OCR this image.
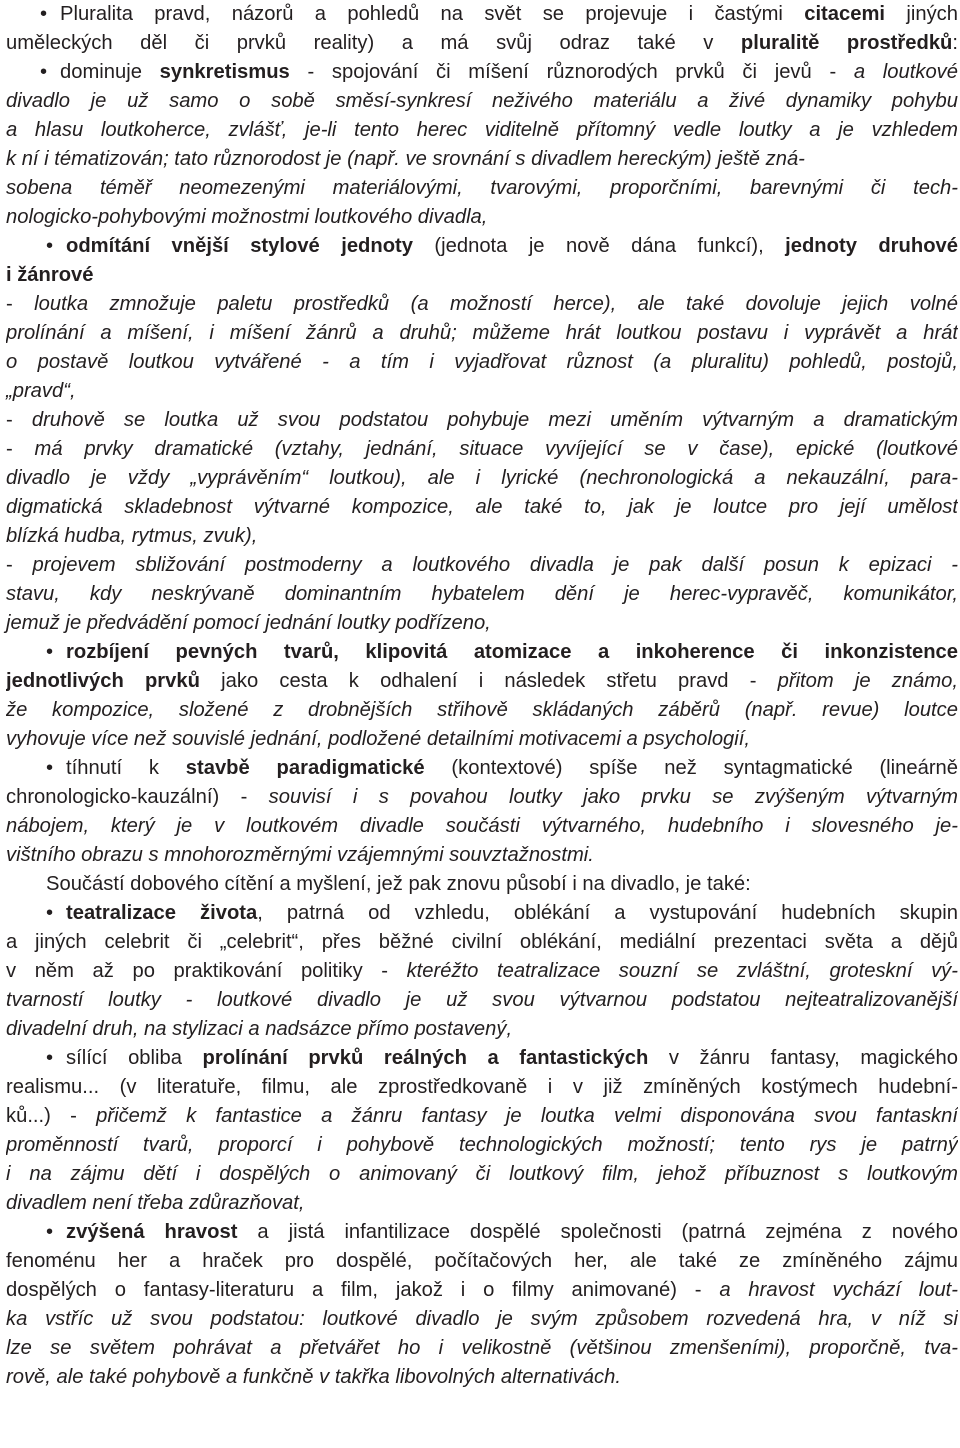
• Pluralita pravd, názorů a pohledů na svět se projevuje i častými citacemi jiných
uměleckých děl či prvků reality) a má svůj odraz také v pluralitě prostředků:
• dominuje synkretismus - spojování či míšení různorodých prvků či jevů - a loutkové
divadlo je už samo o sobě směsí-synkresí neživého materiálu a živé dynamiky pohybu
a hlasu loutkoherce, zvlášť, je-li tento herec viditelně přítomný vedle loutky a je vzhledem
k ní i tématizován; tato různorodost je (např. ve srovnání s divadlem hereckým) ještě zná-
sobena téměř neomezenými materiálovými, tvarovými, proporčními, barevnými či tech-
nologicko-pohybovými možnostmi loutkového divadla,
• odmítání vnější stylové jednoty (jednota je nově dána funkcí), jednoty druhové
i žánrové
- loutka zmnožuje paletu prostředků (a možností herce), ale také dovoluje jejich volné
prolínání a míšení, i míšení žánrů a druhů; můžeme hrát loutkou postavu i vyprávět a hrát
o postavě loutkou vytvářené - a tím i vyjadřovat různost (a pluralitu) pohledů, postojů,
„pravd“,
- druhově se loutka už svou podstatou pohybuje mezi uměním výtvarným a dramatickým
- má prvky dramatické (vztahy, jednání, situace vyvíjející se v čase), epické (loutkové
divadlo je vždy „vyprávěním“ loutkou), ale i lyrické (nechronologická a nekauzální, para-
digmatická skladebnost výtvarné kompozice, ale také to, jak je loutce pro její umělost
blízká hudba, rytmus, zvuk),
- projevem sbližování postmoderny a loutkového divadla je pak další posun k epizaci -
stavu, kdy neskrývaně dominantním hybatelem dění je herec-vypravěč, komunikátor,
jemuž je předvádění pomocí jednání loutky podřízeno,
• rozbíjení pevných tvarů, klipovitá atomizace a inkoherence či inkonzistence
jednotlivých prvků jako cesta k odhalení i následek střetu pravd - přitom je známo,
že kompozice, složené z drobnějších střihově skládaných záběrů (např. revue) loutce
vyhovuje více než souvislé jednání, podložené detailními motivacemi a psychologií,
• tíhnutí k stavbě paradigmatické (kontextové) spíše než syntagmatické (lineárně
chronologicko-kauzální) - souvisí i s povahou loutky jako prvku se zvýšeným výtvarným
nábojem, který je v loutkovém divadle součásti výtvarného, hudebního i slovesného je-
vištního obrazu s mnohorozměrnými vzájemnými souvztažnostmi.
Součástí dobového cítění a myšlení, jež pak znovu působí i na divadlo, je také:
• teatralizace života, patrná od vzhledu, oblékání a vystupování hudebních skupin
a jiných celebrit či „celebrit“, přes běžné civilní oblékání, mediální prezentaci světa a dějů
v něm až po praktikování politiky - kteréžto teatralizace souzní se zvláštní, groteskní vý-
tvarností loutky - loutkové divadlo je už svou výtvarnou podstatou nejteatralizovanější
divadelní druh, na stylizaci a nadsázce přímo postavený,
• sílící obliba prolínání prvků reálných a fantastických v žánru fantasy, magického
realismu... (v literatuře, filmu, ale zprostředkovaně i v již zmíněných kostýmech hudební-
ků...) - přičemž k fantastice a žánru fantasy je loutka velmi disponována svou fantaskní
proměnností tvarů, proporcí i pohybově technologických možností; tento rys je patrný
i na zájmu dětí i dospělých o animovaný či loutkový film, jehož příbuznost s loutkovým
divadlem není třeba zdůrazňovat,
• zvýšená hravost a jistá infantilizace dospělé společnosti (patrná zejména z nového
fenoménu her a hraček pro dospělé, počítačových her, ale také ze zmíněného zájmu
dospělých o fantasy-literaturu a film, jakož i o filmy animované) - a hravost vychází lout-
ka vstříc už svou podstatou: loutkové divadlo je svým způsobem rozvedená hra, v níž si
lze se světem pohrávat a přetvářet ho i velikostně (většinou zmenšeními), proporčně, tva-
rově, ale také pohybově a funkčně v takřka libovolných alternativách.
